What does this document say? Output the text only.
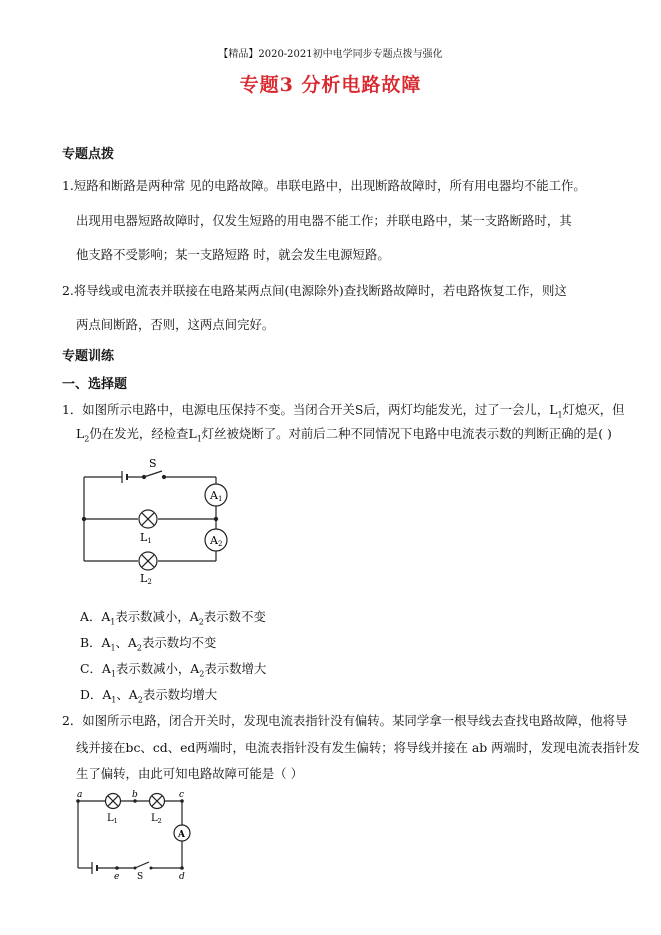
【精品】2020-2021初中电学同步专题点拨与强化
专题3 分析电路故障
专题点拨
1.短路和断路是两种常 见的电路故障。串联电路中，出现断路故障时，所有用电器均不能工作。
出现用电器短路故障时，仅发生短路的用电器不能工作；并联电路中，某一支路断路时，其
他支路不受影响；某一支路短路 时，就会发生电源短路。
2.将导线或电流表并联接在电路某两点间(电源除外)查找断路故障时，若电路恢复工作，则这
两点间断路，否则，这两点间完好。
专题训练
一、选择题
1．如图所示电路中，电源电压保持不变。当闭合开关S后，两灯均能发光，过了一会儿，$L_1$灯熄灭，但
$L_2$仍在发光，经检查$L_1$灯丝被烧断了。对前后二种不同情况下电路中电流表示数的判断正确的是( )
A1
A2
S
L1
L2
A．$A_1$表示数减小，$A_2$表示数不变
B．$A_1$、$A_2$表示数均不变
C．$A_1$表示数减小，$A_2$表示数增大
D．$A_1$、$A_2$表示数均增大
2．如图所示电路，闭合开关时，发现电流表指针没有偏转。某同学拿一根导线去查找电路故障，他将导
线并接在bc、cd、ed两端时，电流表指针没有发生偏转；将导线并接在 ab 两端时，发现电流表指针发
生了偏转，由此可知电路故障可能是（ ）
A
a	b	c
d
e S
$L_1$	$L_2$
